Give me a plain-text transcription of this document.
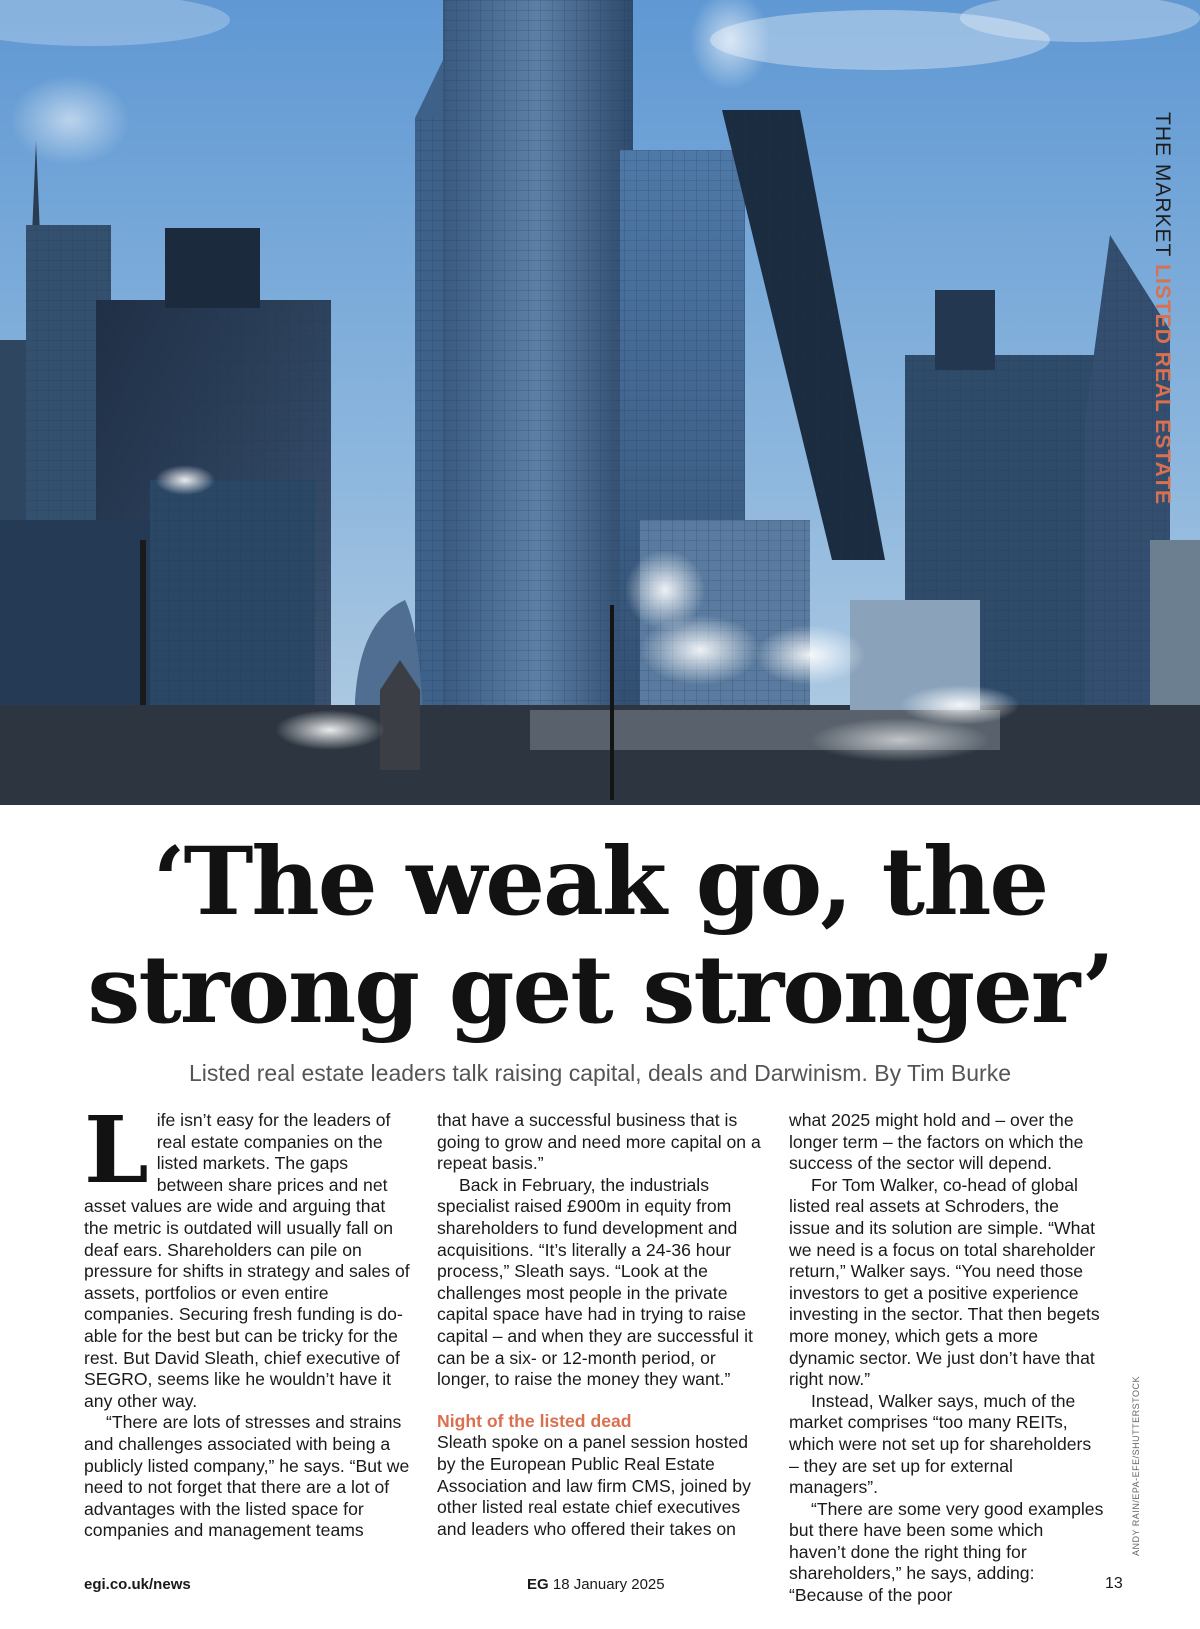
THE MARKET LISTED REAL ESTATE
‘The weak go, the
strong get stronger’
Listed real estate leaders talk raising capital, deals and Darwinism. By Tim Burke
L ife isn’t easy for the leaders of real estate companies on the listed markets. The gaps between share prices and net asset values are wide and arguing that the metric is outdated will usually fall on deaf ears. Shareholders can pile on pressure for shifts in strategy and sales of assets, portfolios or even entire companies. Securing fresh funding is do-able for the best but can be tricky for the rest. But David Sleath, chief executive of SEGRO, seems like he wouldn’t have it any other way.

“There are lots of stresses and strains and challenges associated with being a publicly listed company,” he says. “But we need to not forget that there are a lot of advantages with the listed space for companies and management teams

that have a successful business that is going to grow and need more capital on a repeat basis.”

Back in February, the industrials specialist raised £900m in equity from shareholders to fund development and acquisitions. “It’s literally a 24-36 hour process,” Sleath says. “Look at the challenges most people in the private capital space have had in trying to raise capital – and when they are successful it can be a six- or 12-month period, or longer, to raise the money they want.”

Night of the listed dead

Sleath spoke on a panel session hosted by the European Public Real Estate Association and law firm CMS, joined by other listed real estate chief executives and leaders who offered their takes on

what 2025 might hold and – over the longer term – the factors on which the success of the sector will depend.

For Tom Walker, co-head of global listed real assets at Schroders, the issue and its solution are simple. “What we need is a focus on total shareholder return,” Walker says. “You need those investors to get a positive experience investing in the sector. That then begets more money, which gets a more dynamic sector. We just don’t have that right now.”

Instead, Walker says, much of the market comprises “too many REITs, which were not set up for shareholders – they are set up for external managers”.

“There are some very good examples but there have been some which haven’t done the right thing for shareholders,” he says, adding: “Because of the poor

ANDY RAIN/EPA-EFE/SHUTTERSTOCK
egi.co.uk/news	EG 18 January 2025	13
